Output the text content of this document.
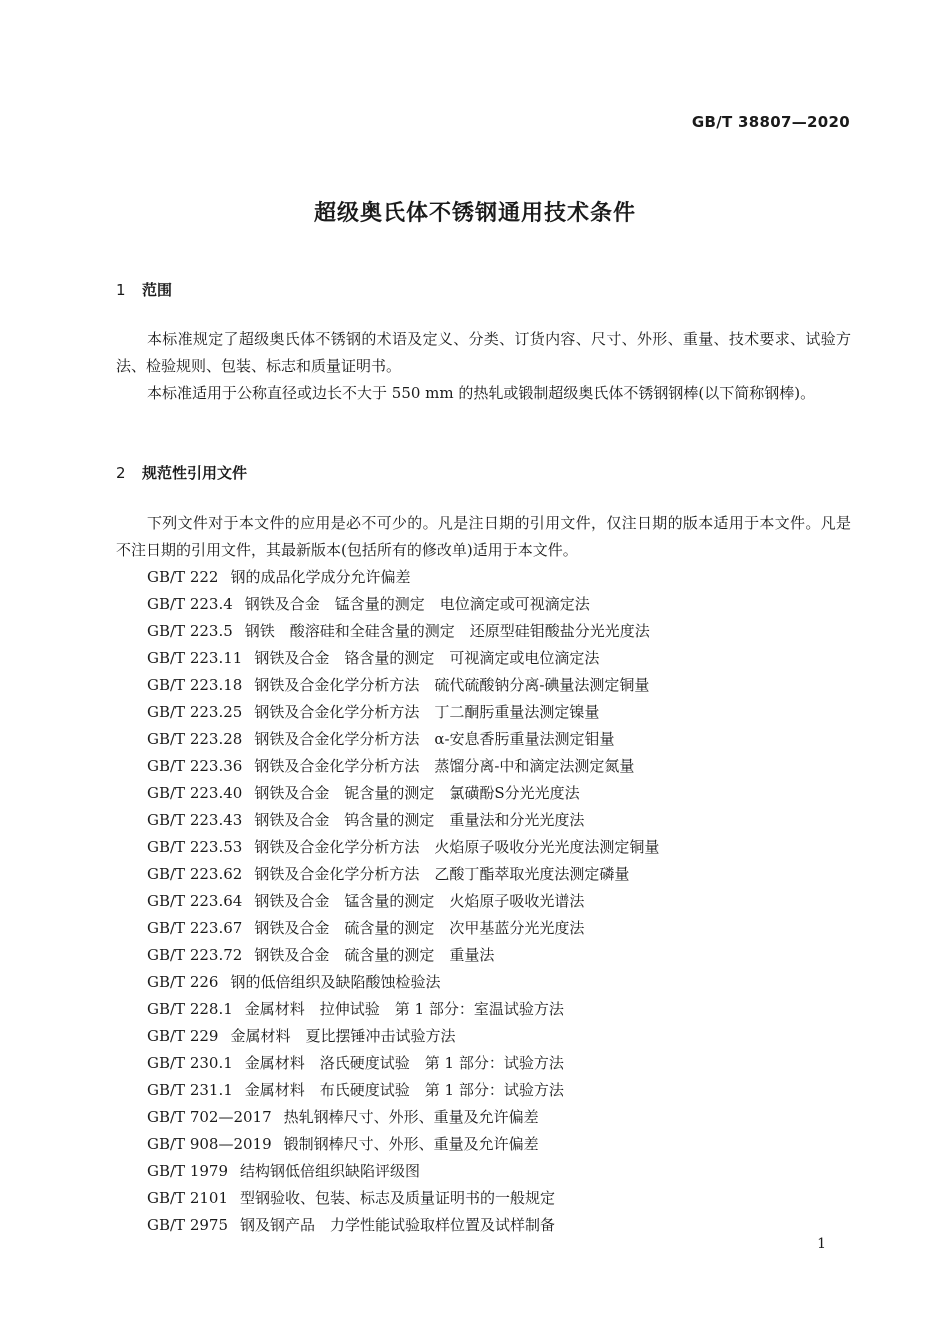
GB/T 38807—2020
超级奥氏体不锈钢通用技术条件
1 范围

本标准规定了超级奥氏体不锈钢的术语及定义、分类、订货内容、尺寸、外形、重量、技术要求、试验方法、检验规则、包装、标志和质量证明书。

本标准适用于公称直径或边长不大于 550 mm 的热轧或锻制超级奥氏体不锈钢钢棒(以下简称钢棒)。

2 规范性引用文件

下列文件对于本文件的应用是必不可少的。凡是注日期的引用文件，仅注日期的版本适用于本文件。凡是不注日期的引用文件，其最新版本(包括所有的修改单)适用于本文件。

GB/T 222 钢的成品化学成分允许偏差
GB/T 223.4 钢铁及合金　锰含量的测定　电位滴定或可视滴定法
GB/T 223.5 钢铁　酸溶硅和全硅含量的测定　还原型硅钼酸盐分光光度法
GB/T 223.11 钢铁及合金　铬含量的测定　可视滴定或电位滴定法
GB/T 223.18 钢铁及合金化学分析方法　硫代硫酸钠分离-碘量法测定铜量
GB/T 223.25 钢铁及合金化学分析方法　丁二酮肟重量法测定镍量
GB/T 223.28 钢铁及合金化学分析方法　α-安息香肟重量法测定钼量
GB/T 223.36 钢铁及合金化学分析方法　蒸馏分离-中和滴定法测定氮量
GB/T 223.40 钢铁及合金　铌含量的测定　氯磺酚S分光光度法
GB/T 223.43 钢铁及合金　钨含量的测定　重量法和分光光度法
GB/T 223.53 钢铁及合金化学分析方法　火焰原子吸收分光光度法测定铜量
GB/T 223.62 钢铁及合金化学分析方法　乙酸丁酯萃取光度法测定磷量
GB/T 223.64 钢铁及合金　锰含量的测定　火焰原子吸收光谱法
GB/T 223.67 钢铁及合金　硫含量的测定　次甲基蓝分光光度法
GB/T 223.72 钢铁及合金　硫含量的测定　重量法
GB/T 226 钢的低倍组织及缺陷酸蚀检验法
GB/T 228.1 金属材料　拉伸试验　第 1 部分：室温试验方法
GB/T 229 金属材料　夏比摆锤冲击试验方法
GB/T 230.1 金属材料　洛氏硬度试验　第 1 部分：试验方法
GB/T 231.1 金属材料　布氏硬度试验　第 1 部分：试验方法
GB/T 702—2017 热轧钢棒尺寸、外形、重量及允许偏差
GB/T 908—2019 锻制钢棒尺寸、外形、重量及允许偏差
GB/T 1979 结构钢低倍组织缺陷评级图
GB/T 2101 型钢验收、包装、标志及质量证明书的一般规定
GB/T 2975 钢及钢产品　力学性能试验取样位置及试样制备
1
